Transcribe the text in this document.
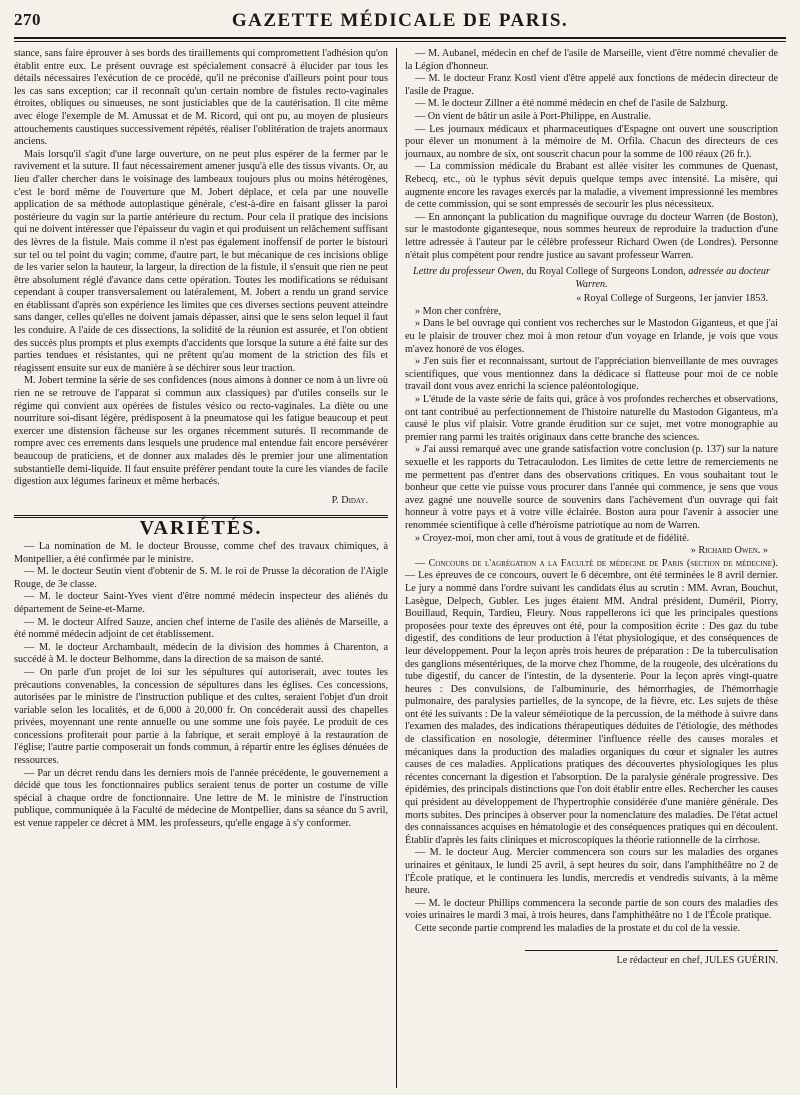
270	GAZETTE MÉDICALE DE PARIS.

stance, sans faire éprouver à ses bords des tiraillements qui compromettent l'adhésion qu'on établit entre eux. Le présent ouvrage est spécialement consacré à élucider par tous les détails nécessaires l'exécution de ce procédé, qu'il ne préconise d'ailleurs point pour tous les cas sans exception; car il reconnaît qu'un certain nombre de fistules recto-vaginales étroites, obliques ou sinueuses, ne sont justiciables que de la cautérisation. Il cite même avec éloge l'exemple de M. Amussat et de M. Ricord, qui ont pu, au moyen de plusieurs attouchements caustiques successivement répétés, réaliser l'oblitération de trajets anormaux anciens.

Mais lorsqu'il s'agit d'une large ouverture, on ne peut plus espérer de la fermer par le ravivement et la suture. Il faut nécessairement amener jusqu'à elle des tissus vivants. Or, au lieu d'aller chercher dans le voisinage des lambeaux toujours plus ou moins hétérogènes, c'est le bord même de l'ouverture que M. Jobert déplace, et cela par une nouvelle application de sa méthode autoplastique générale, c'est-à-dire en faisant glisser la paroi postérieure du vagin sur la partie antérieure du rectum. Pour cela il pratique des incisions qui ne doivent intéresser que l'épaisseur du vagin et qui produisent un relâchement suffisant des lèvres de la fistule. Mais comme il n'est pas également inoffensif de porter le bistouri sur tel ou tel point du vagin; comme, d'autre part, le but mécanique de ces incisions oblige de les varier selon la hauteur, la largeur, la direction de la fistule, il s'ensuit que rien ne peut être absolument réglé d'avance dans cette opération. Toutes les modifications se réduisant cependant à couper transversalement ou latéralement, M. Jobert a rendu un grand service en établissant d'après son expérience les limites que ces diverses sections peuvent atteindre sans danger, celles qu'elles ne doivent jamais dépasser, ainsi que le sens selon lequel il faut les conduire. A l'aide de ces dissections, la solidité de la réunion est assurée, et l'on obtient des succès plus prompts et plus exempts d'accidents que lorsque la suture a été faite sur des parties tendues et résistantes, qui ne prêtent qu'au moment de la striction des fils et réagissent ensuite sur eux de manière à se déchirer sous leur traction.

M. Jobert termine la série de ses confidences (nous aimons à donner ce nom à un livre où rien ne se retrouve de l'apparat si commun aux classiques) par d'utiles conseils sur le régime qui convient aux opérées de fistules vésico ou recto-vaginales. La diète ou une nourriture soi-disant légère, prédisposent à la pneumatose qui les fatigue beaucoup et peut exercer une distension fâcheuse sur les organes récemment suturés. Il recommande de rompre avec ces errements dans lesquels une prudence mal entendue fait encore persévérer beaucoup de praticiens, et de donner aux malades dès le premier jour une alimentation substantielle demi-liquide. Il faut ensuite préférer pendant toute la cure les viandes de facile digestion aux légumes farineux et même herbacés.

P. Diday.

VARIÉTÉS.

— La nomination de M. le docteur Brousse, comme chef des travaux chimiques, à Montpellier, a été confirmée par le ministre.

— M. le docteur Seutin vient d'obtenir de S. M. le roi de Prusse la décoration de l'Aigle Rouge, de 3e classe.

— M. le docteur Saint-Yves vient d'être nommé médecin inspecteur des aliénés du département de Seine-et-Marne.

— M. le docteur Alfred Sauze, ancien chef interne de l'asile des aliénés de Marseille, a été nommé médecin adjoint de cet établissement.

— M. le docteur Archambault, médecin de la division des hommes à Charenton, a succédé à M. le docteur Belhomme, dans la direction de sa maison de santé.

— On parle d'un projet de loi sur les sépultures qui autoriserait, avec toutes les précautions convenables, la concession de sépultures dans les églises. Ces concessions, autorisées par le ministre de l'instruction publique et des cultes, seraient l'objet d'un droit variable selon les localités, et de 6,000 à 20,000 fr. On concéderait aussi des chapelles privées, moyennant une rente annuelle ou une somme une fois payée. Le produit de ces concessions profiterait pour partie à la fabrique, et serait employé à la restauration de l'église; l'autre partie composerait un fonds commun, à répartir entre les églises dénuées de ressources.

— Par un décret rendu dans les derniers mois de l'année précédente, le gouvernement a décidé que tous les fonctionnaires publics seraient tenus de porter un costume de ville spécial à chaque ordre de fonctionnaire. Une lettre de M. le ministre de l'instruction publique, communiquée à la Faculté de médecine de Montpellier, dans sa séance du 5 avril, est venue rappeler ce décret à MM. les professeurs, qu'elle engage à s'y conformer.

— M. Aubanel, médecin en chef de l'asile de Marseille, vient d'être nommé chevalier de la Légion d'honneur.

— M. le docteur Franz Kostl vient d'être appelé aux fonctions de médecin directeur de l'asile de Prague.

— M. le docteur Zillner a été nommé médecin en chef de l'asile de Salzburg.

— On vient de bâtir un asile à Port-Philippe, en Australie.

— Les journaux médicaux et pharmaceutiques d'Espagne ont ouvert une souscription pour élever un monument à la mémoire de M. Orfila. Chacun des directeurs de ces journaux, au nombre de six, ont souscrit chacun pour la somme de 100 réaux (26 fr.).

— La commission médicale du Brabant est allée visiter les communes de Quenast, Rebecq, etc., où le typhus sévit depuis quelque temps avec intensité. La misère, qui augmente encore les ravages exercés par la maladie, a vivement impressionné les membres de cette commission, qui se sont empressés de secourir les plus nécessiteux.

— En annonçant la publication du magnifique ouvrage du docteur Warren (de Boston), sur le mastodonte giganteseque, nous sommes heureux de reproduire la traduction d'une lettre adressée à l'auteur par le célèbre professeur Richard Owen (de Londres). Personne n'était plus compétent pour rendre justice au savant professeur Warren.

Lettre du professeur Owen, du Royal College of Surgeons London, adressée au docteur Warren.

« Royal College of Surgeons, 1er janvier 1853.

» Mon cher confrère,

» Dans le bel ouvrage qui contient vos recherches sur le Mastodon Giganteus, et que j'ai eu le plaisir de trouver chez moi à mon retour d'un voyage en Irlande, je vois que vous m'avez honoré de vos éloges.

» J'en suis fier et reconnaissant, surtout de l'appréciation bienveillante de mes ouvrages scientifiques, que vous mentionnez dans la dédicace si flatteuse pour moi de ce noble travail dont vous avez enrichi la science paléontologique.

» L'étude de la vaste série de faits qui, grâce à vos profondes recherches et observations, ont tant contribué au perfectionnement de l'histoire naturelle du Mastodon Giganteus, m'a causé le plus vif plaisir. Votre grande érudition sur ce sujet, met votre monographie au premier rang parmi les traités originaux dans cette branche des sciences.

» J'ai aussi remarqué avec une grande satisfaction votre conclusion (p. 137) sur la nature sexuelle et les rapports du Tetracaulodon. Les limites de cette lettre de remerciements ne me permettent pas d'entrer dans des observations critiques. En vous souhaitant tout le bonheur que cette vie puisse vous procurer dans l'année qui commence, je sens que vous avez gagné une nouvelle source de souvenirs dans l'achèvement d'un ouvrage qui fait honneur à votre pays et à votre ville éclairée. Boston aura pour l'avenir à associer une renommée scientifique à celle d'héroïsme patriotique au nom de Warren.

» Croyez-moi, mon cher ami, tout à vous de gratitude et de fidélité.

» Richard Owen. »

— Concours de l'agrégation a la Faculté de médecine de Paris (section de médecine). — Les épreuves de ce concours, ouvert le 6 décembre, ont été terminées le 8 avril dernier. Le jury a nommé dans l'ordre suivant les candidats élus au scrutin : MM. Avran, Bouchut, Lasègue, Delpech, Gubler. Les juges étaient MM. Andral président, Duméril, Piorry, Bouillaud, Requin, Tardieu, Fleury. Nous rappellerons ici que les principales questions proposées pour texte des épreuves ont été, pour la composition écrite : Des gaz du tube digestif, des conditions de leur production à l'état physiologique, et des conséquences de leur développement. Pour la leçon après trois heures de préparation : De la tuberculisation des ganglions mésentériques, de la morve chez l'homme, de la rougeole, des ulcérations du tube digestif, du cancer de l'intestin, de la dysenterie. Pour la leçon après vingt-quatre heures : Des convulsions, de l'albuminurie, des hémorrhagies, de l'hémorrhagie pulmonaire, des paralysies partielles, de la syncope, de la fièvre, etc. Les sujets de thèse ont été les suivants : De la valeur séméiotique de la percussion, de la méthode à suivre dans l'examen des malades, des indications thérapeutiques déduites de l'étiologie, des méthodes de classification en nosologie, déterminer l'influence réelle des causes morales et mécaniques dans la production des maladies organiques du cœur et signaler les autres causes de ces maladies. Applications pratiques des découvertes physiologiques les plus récentes concernant la digestion et l'absorption. De la paralysie générale progressive. Des épidémies, des principals distinctions que l'on doit établir entre elles. Rechercher les causes qui président au développement de l'hypertrophie considérée d'une manière générale. Des morts subites. Des principes à observer pour la nomenclature des maladies. De l'état actuel des connaissances acquises en hématologie et des conséquences pratiques qui en découlent. Établir d'après les faits cliniques et microscopiques la théorie rationnelle de la cirrhose.

— M. le docteur Aug. Mercier commencera son cours sur les maladies des organes urinaires et génitaux, le lundi 25 avril, à sept heures du soir, dans l'amphithéâtre no 2 de l'École pratique, et le continuera les lundis, mercredis et vendredis suivants, à la même heure.

— M. le docteur Phillips commencera la seconde partie de son cours des maladies des voies urinaires le mardi 3 mai, à trois heures, dans l'amphithéâtre no 1 de l'École pratique.

Cette seconde partie comprend les maladies de la prostate et du col de la vessie.

Le rédacteur en chef, JULES GUÉRIN.
